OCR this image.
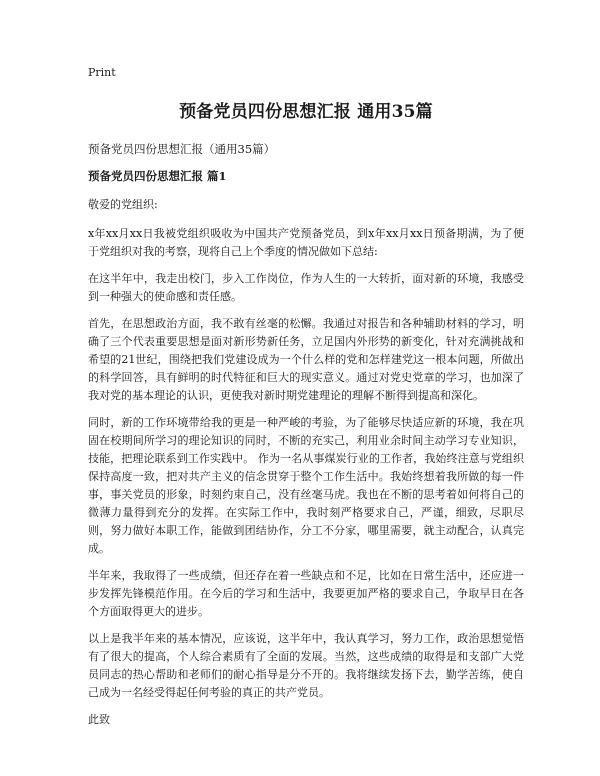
Print
预备党员四份思想汇报 通用35篇
预备党员四份思想汇报（通用35篇）
预备党员四份思想汇报 篇1

敬爱的党组织:

x年xx月xx日我被党组织吸收为中国共产党预备党员，到x年xx月xx日预备期满，为了便于党组织对我的考察，现将自己上个季度的情况做如下总结:

在这半年中，我走出校门，步入工作岗位，作为人生的一大转折，面对新的环境，我感受到一种强大的使命感和责任感。

首先，在思想政治方面，我不敢有丝毫的松懈。我通过对报告和各种辅助材料的学习，明确了三个代表重要思想是面对新形势新任务，立足国内外形势的新变化，针对充满挑战和希望的21世纪，围绕把我们党建设成为一个什么样的党和怎样建党这一根本问题，所做出的科学回答，具有鲜明的时代特征和巨大的现实意义。通过对党史党章的学习，也加深了我对党的基本理论的认识，更使我对新时期党建理论的理解不断得到提高和深化。

同时，新的工作环境带给我的更是一种严峻的考验，为了能够尽快适应新的环境，我在巩固在校期间所学习的理论知识的同时，不断的充实己，利用业余时间主动学习专业知识，技能，把理论联系到工作实践中。 作为一名从事煤炭行业的工作者，我始终注意与党组织保持高度一致，把对共产主义的信念贯穿于整个工作生活中。我始终想着我所做的每一件事，事关党员的形象，时刻约束自己，没有丝毫马虎。我也在不断的思考着如何将自己的微薄力量得到充分的发挥。在实际工作中，我时刻严格要求自己，严谨，细致，尽职尽则，努力做好本职工作，能做到团结协作，分工不分家，哪里需要，就主动配合，认真完成。

半年来，我取得了一些成绩，但还存在着一些缺点和不足，比如在日常生活中，还应进一步发挥先锋模范作用。在今后的学习和生活中，我要更加严格的要求自己，争取早日在各个方面取得更大的进步。

以上是我半年来的基本情况，应该说，这半年中，我认真学习，努力工作，政治思想觉悟有了很大的提高，个人综合素质有了全面的发展。当然，这些成绩的取得是和支部广大党员同志的热心帮助和老师们的耐心指导是分不开的。我将继续发扬下去，勤学苦练，使自己成为一名经受得起任何考验的真正的共产党员。

此致
